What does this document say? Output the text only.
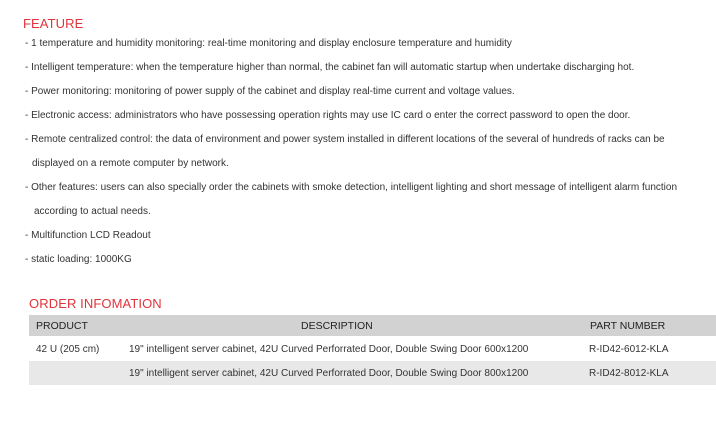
FEATURE
- 1 temperature and humidity monitoring: real-time monitoring and display enclosure temperature and humidity
- Intelligent temperature: when the temperature higher than normal, the cabinet fan will automatic startup when undertake discharging hot.
- Power monitoring: monitoring of power supply of the cabinet and display real-time current and voltage values.
- Electronic access: administrators who have possessing operation rights may use IC card o enter the correct password to open the door.
- Remote centralized control: the data of environment and power system installed in different locations of the several of hundreds of racks can be
displayed on a remote computer by network.
- Other features: users can also specially order the cabinets with smoke detection, intelligent lighting and short message of intelligent alarm function
according to actual needs.
- Multifunction LCD Readout
- static loading: 1000KG
ORDER INFOMATION
PRODUCT	DESCRIPTION	PART NUMBER
42 U (205 cm)	19" intelligent server cabinet, 42U Curved Perforrated Door, Double Swing Door 600x1200	R-ID42-6012-KLA
19" intelligent server cabinet, 42U Curved Perforrated Door, Double Swing Door 800x1200	R-ID42-8012-KLA
